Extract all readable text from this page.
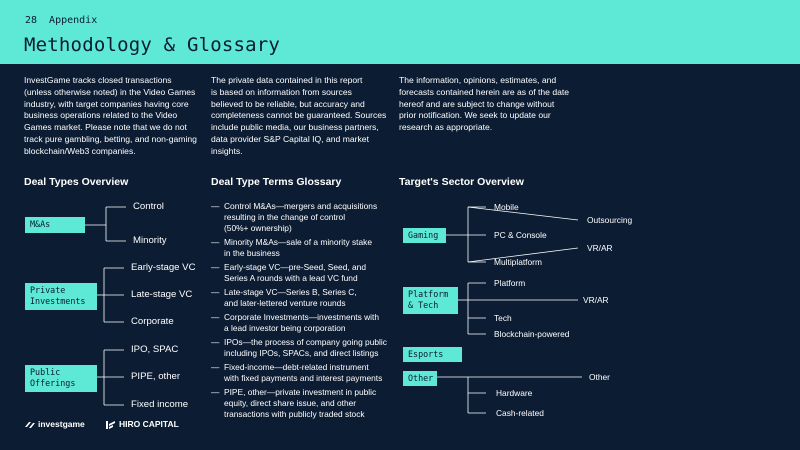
28 Appendix
Methodology & Glossary
InvestGame tracks closed transactions
(unless otherwise noted) in the Video Games
industry, with target companies having core
business operations related to the Video
Games market. Please note that we do not
track pure gambling, betting, and non-gaming
blockchain/Web3 companies.
The private data contained in this report
is based on information from sources
believed to be reliable, but accuracy and
completeness cannot be guaranteed. Sources
include public media, our business partners,
data provider S&P Capital IQ, and market
insights.
The information, opinions, estimates, and
forecasts contained herein are as of the date
hereof and are subject to change without
prior notification. We seek to update our
research as appropriate.
Deal Types Overview	Deal Type Terms Glossary	Target's Sector Overview
M&As
Private
Investments
Public
Offerings
Control
Minority
Early-stage VC
Late-stage VC
Corporate
IPO, SPAC
PIPE, other
Fixed income
— Control M&As—mergers and acquisitions
resulting in the change of control
(50%+ ownership)
— Minority M&As—sale of a minority stake
in the business
— Early-stage VC—pre-Seed, Seed, and
Series A rounds with a lead VC fund
— Late-stage VC—Series B, Series C,
and later-lettered venture rounds
— Corporate Investments—investments with
a lead investor being corporation
— IPOs—the process of company going public
including IPOs, SPACs, and direct listings
— Fixed-income—debt-related instrument
with fixed payments and interest payments
— PIPE, other—private investment in public
equity, direct share issue, and other
transactions with publicly traded stock
Gaming
Platform
& Tech
Esports
Other
Mobile
PC & Console
Multiplatform
Outsourcing
VR/AR
Platform
Tech
Blockchain-powered
VR/AR
Hardware
Cash-related
Other
investgame	HIRO CAPITAL
